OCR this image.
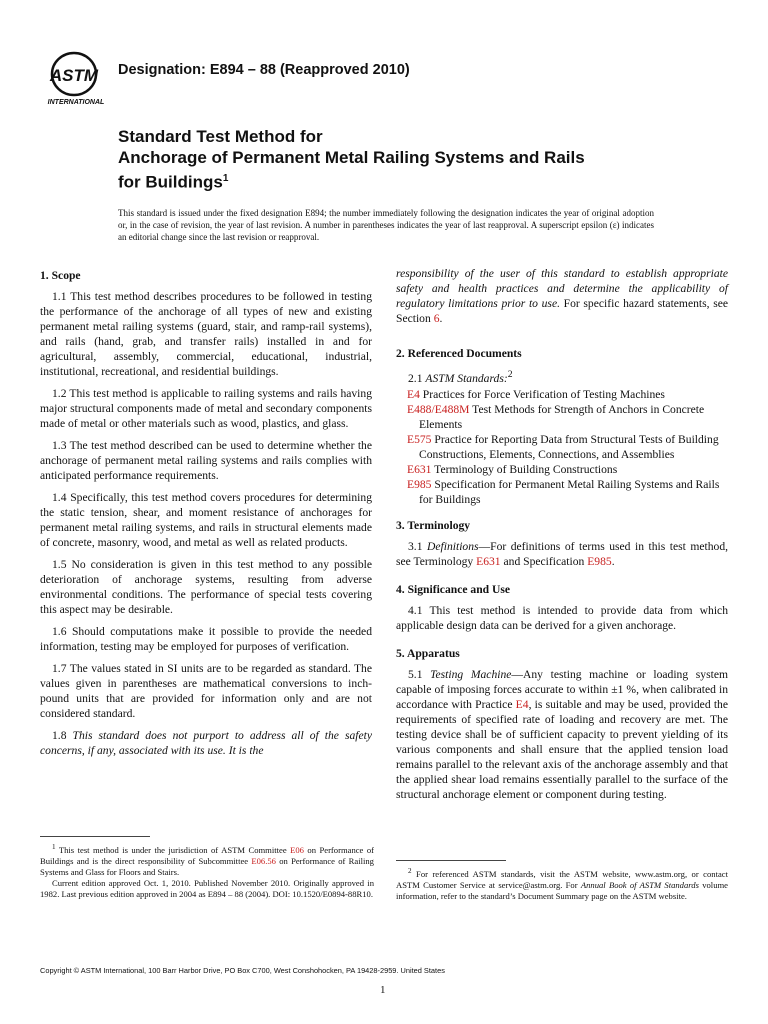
ASTM
INTERNATIONAL
Designation: E894 – 88 (Reapproved 2010)
Standard Test Method for
Anchorage of Permanent Metal Railing Systems and Rails
for Buildings$^1$
This standard is issued under the fixed designation E894; the number immediately following the designation indicates the year of original adoption or, in the case of revision, the year of last revision. A number in parentheses indicates the year of last reapproval. A superscript epsilon (ε) indicates an editorial change since the last revision or reapproval.
1. Scope

1.1 This test method describes procedures to be followed in testing the performance of the anchorage of all types of new and existing permanent metal railing systems (guard, stair, and ramp-rail systems), and rails (hand, grab, and transfer rails) installed in and for agricultural, assembly, commercial, educational, industrial, institutional, recreational, and residential buildings.

1.2 This test method is applicable to railing systems and rails having major structural components made of metal and secondary components made of metal or other materials such as wood, plastics, and glass.

1.3 The test method described can be used to determine whether the anchorage of permanent metal railing systems and rails complies with anticipated performance requirements.

1.4 Specifically, this test method covers procedures for determining the static tension, shear, and moment resistance of anchorages for permanent metal railing systems, and rails in structural elements made of concrete, masonry, wood, and metal as well as related products.

1.5 No consideration is given in this test method to any possible deterioration of anchorage systems, resulting from adverse environmental conditions. The performance of special tests covering this aspect may be desirable.

1.6 Should computations make it possible to provide the needed information, testing may be employed for purposes of verification.

1.7 The values stated in SI units are to be regarded as standard. The values given in parentheses are mathematical conversions to inch-pound units that are provided for information only and are not considered standard.

1.8 This standard does not purport to address all of the safety concerns, if any, associated with its use. It is the

responsibility of the user of this standard to establish appropriate safety and health practices and determine the applicability of regulatory limitations prior to use. For specific hazard statements, see Section 6.

2. Referenced Documents

2.1 ASTM Standards:$^2$

E4 Practices for Force Verification of Testing Machines
E488/E488M Test Methods for Strength of Anchors in Concrete Elements
E575 Practice for Reporting Data from Structural Tests of Building Constructions, Elements, Connections, and Assemblies
E631 Terminology of Building Constructions
E985 Specification for Permanent Metal Railing Systems and Rails for Buildings
3. Terminology

3.1 Definitions—For definitions of terms used in this test method, see Terminology E631 and Specification E985.

4. Significance and Use

4.1 This test method is intended to provide data from which applicable design data can be derived for a given anchorage.

5. Apparatus

5.1 Testing Machine—Any testing machine or loading system capable of imposing forces accurate to within ±1 %, when calibrated in accordance with Practice E4, is suitable and may be used, provided the requirements of specified rate of loading and recovery are met. The testing device shall be of sufficient capacity to prevent yielding of its various components and shall ensure that the applied tension load remains parallel to the relevant axis of the anchorage assembly and that the applied shear load remains essentially parallel to the surface of the structural anchorage element or component during testing.

$^1$ This test method is under the jurisdiction of ASTM Committee E06 on Performance of Buildings and is the direct responsibility of Subcommittee E06.56 on Performance of Railing Systems and Glass for Floors and Stairs.

Current edition approved Oct. 1, 2010. Published November 2010. Originally approved in 1982. Last previous edition approved in 2004 as E894 – 88 (2004). DOI: 10.1520/E0894-88R10.

$^2$ For referenced ASTM standards, visit the ASTM website, www.astm.org, or contact ASTM Customer Service at service@astm.org. For Annual Book of ASTM Standards volume information, refer to the standard’s Document Summary page on the ASTM website.

Copyright © ASTM International, 100 Barr Harbor Drive, PO Box C700, West Conshohocken, PA 19428-2959. United States
1
